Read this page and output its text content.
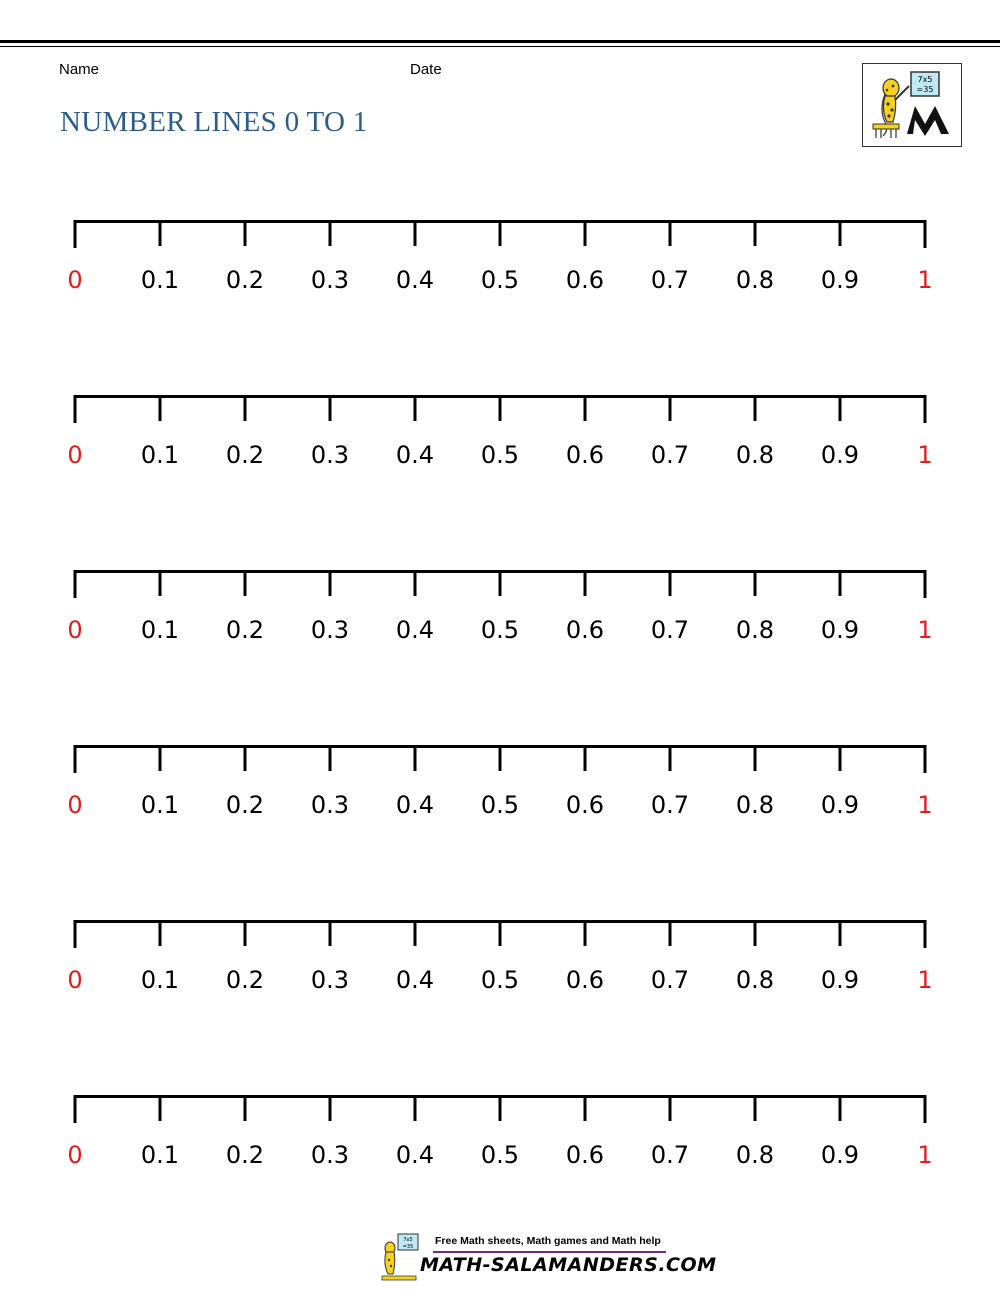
Name	Date
NUMBER LINES 0 TO 1
7x5
=35
0 0.1 0.2 0.3 0.4 0.5 0.6 0.7 0.8 0.9 1
0 0.1 0.2 0.3 0.4 0.5 0.6 0.7 0.8 0.9 1
0 0.1 0.2 0.3 0.4 0.5 0.6 0.7 0.8 0.9 1
0 0.1 0.2 0.3 0.4 0.5 0.6 0.7 0.8 0.9 1
0 0.1 0.2 0.3 0.4 0.5 0.6 0.7 0.8 0.9 1
0 0.1 0.2 0.3 0.4 0.5 0.6 0.7 0.8 0.9 1
7x5
=35 Free Math sheets, Math games and Math help
MATH-SALAMANDERS.COM
